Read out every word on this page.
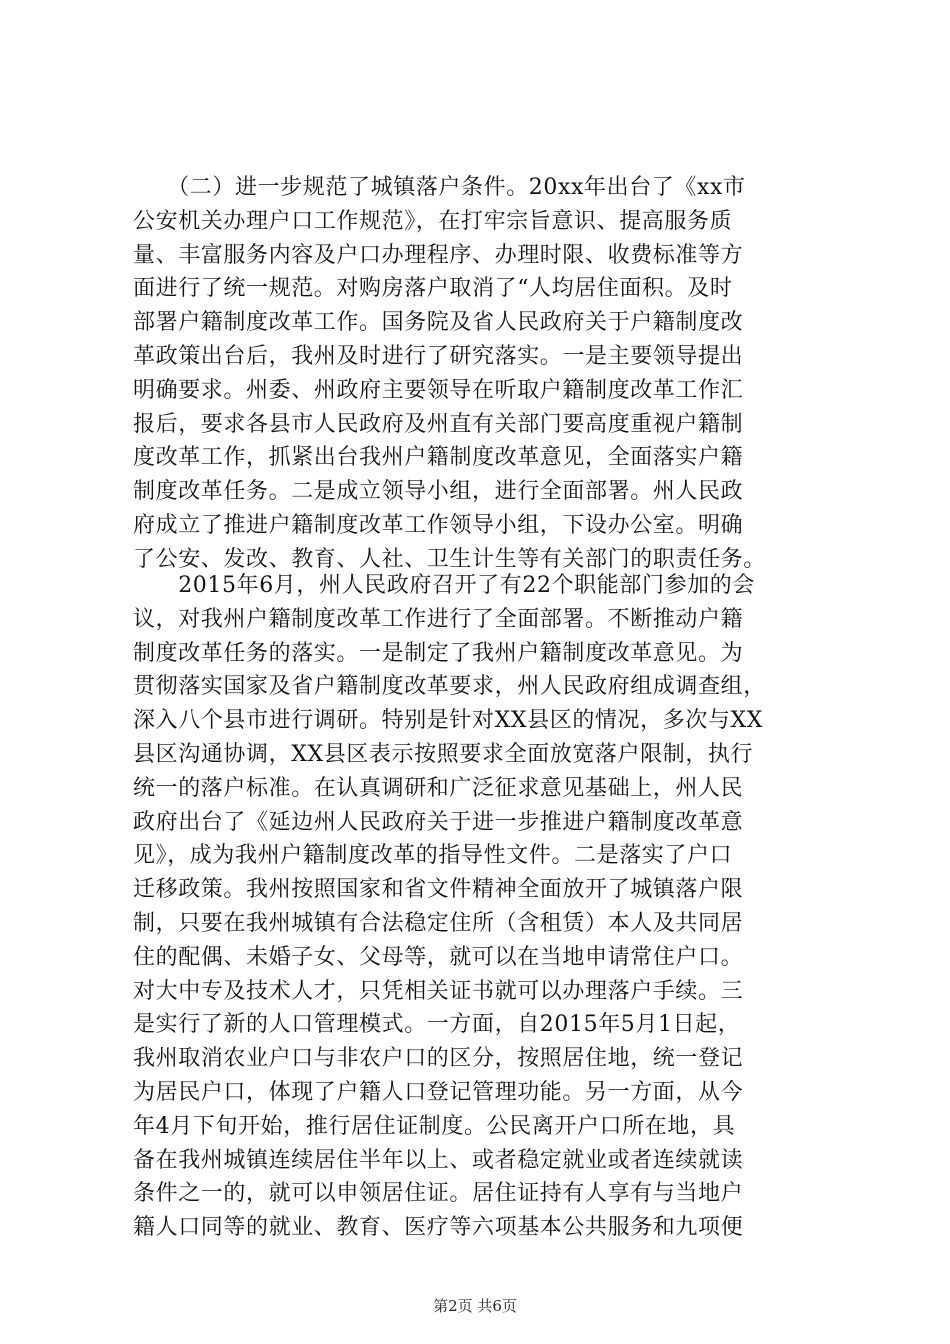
　　（二）进一步规范了城镇落户条件。20xx年出台了《xx市
公安机关办理户口工作规范》，在打牢宗旨意识、提高服务质
量、丰富服务内容及户口办理程序、办理时限、收费标准等方
面进行了统一规范。对购房落户取消了“人均居住面积。及时
部署户籍制度改革工作。国务院及省人民政府关于户籍制度改
革政策出台后，我州及时进行了研究落实。一是主要领导提出
明确要求。州委、州政府主要领导在听取户籍制度改革工作汇
报后，要求各县市人民政府及州直有关部门要高度重视户籍制
度改革工作，抓紧出台我州户籍制度改革意见，全面落实户籍
制度改革任务。二是成立领导小组，进行全面部署。州人民政
府成立了推进户籍制度改革工作领导小组，下设办公室。明确
了公安、发改、教育、人社、卫生计生等有关部门的职责任务。
　　2015年6月，州人民政府召开了有22个职能部门参加的会
议，对我州户籍制度改革工作进行了全面部署。不断推动户籍
制度改革任务的落实。一是制定了我州户籍制度改革意见。为
贯彻落实国家及省户籍制度改革要求，州人民政府组成调查组，
深入八个县市进行调研。特别是针对XX县区的情况，多次与XX
县区沟通协调，XX县区表示按照要求全面放宽落户限制，执行
统一的落户标准。在认真调研和广泛征求意见基础上，州人民
政府出台了《延边州人民政府关于进一步推进户籍制度改革意
见》，成为我州户籍制度改革的指导性文件。二是落实了户口
迁移政策。我州按照国家和省文件精神全面放开了城镇落户限
制，只要在我州城镇有合法稳定住所（含租赁）本人及共同居
住的配偶、未婚子女、父母等，就可以在当地申请常住户口。
对大中专及技术人才，只凭相关证书就可以办理落户手续。三
是实行了新的人口管理模式。一方面，自2015年5月1日起，
我州取消农业户口与非农户口的区分，按照居住地，统一登记
为居民户口，体现了户籍人口登记管理功能。另一方面，从今
年4月下旬开始，推行居住证制度。公民离开户口所在地，具
备在我州城镇连续居住半年以上、或者稳定就业或者连续就读
条件之一的，就可以申领居住证。居住证持有人享有与当地户
籍人口同等的就业、教育、医疗等六项基本公共服务和九项便
第2页 共6页
